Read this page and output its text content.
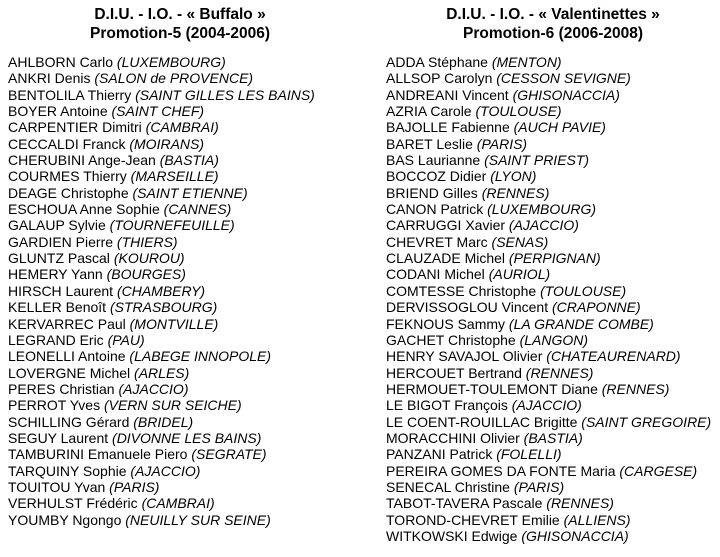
D.I.U. - I.O. - « Buffalo »
Promotion-5 (2004-2006)
AHLBORN Carlo (LUXEMBOURG)
ANKRI Denis (SALON de PROVENCE)
BENTOLILA Thierry (SAINT GILLES LES BAINS)
BOYER Antoine (SAINT CHEF)
CARPENTIER Dimitri (CAMBRAI)
CECCALDI Franck (MOIRANS)
CHERUBINI Ange-Jean (BASTIA)
COURMES Thierry (MARSEILLE)
DEAGE Christophe (SAINT ETIENNE)
ESCHOUA Anne Sophie (CANNES)
GALAUP Sylvie (TOURNEFEUILLE)
GARDIEN Pierre (THIERS)
GLUNTZ Pascal (KOUROU)
HEMERY Yann (BOURGES)
HIRSCH Laurent (CHAMBERY)
KELLER Benoît (STRASBOURG)
KERVARREC Paul (MONTVILLE)
LEGRAND Eric (PAU)
LEONELLI Antoine (LABEGE INNOPOLE)
LOVERGNE Michel (ARLES)
PERES Christian (AJACCIO)
PERROT Yves (VERN SUR SEICHE)
SCHILLING Gérard (BRIDEL)
SEGUY Laurent (DIVONNE LES BAINS)
TAMBURINI Emanuele Piero (SEGRATE)
TARQUINY Sophie (AJACCIO)
TOUITOU Yvan (PARIS)
VERHULST Frédéric (CAMBRAI)
YOUMBY Ngongo (NEUILLY SUR SEINE)
D.I.U. - I.O. - « Valentinettes »
Promotion-6 (2006-2008)
ADDA Stéphane (MENTON)
ALLSOP Carolyn (CESSON SEVIGNE)
ANDREANI Vincent (GHISONACCIA)
AZRIA Carole (TOULOUSE)
BAJOLLE Fabienne (AUCH PAVIE)
BARET Leslie (PARIS)
BAS Laurianne (SAINT PRIEST)
BOCCOZ Didier (LYON)
BRIEND Gilles (RENNES)
CANON Patrick (LUXEMBOURG)
CARRUGGI Xavier (AJACCIO)
CHEVRET Marc (SENAS)
CLAUZADE Michel (PERPIGNAN)
CODANI Michel (AURIOL)
COMTESSE Christophe (TOULOUSE)
DERVISSOGLOU Vincent (CRAPONNE)
FEKNOUS Sammy (LA GRANDE COMBE)
GACHET Christophe (LANGON)
HENRY SAVAJOL Olivier (CHATEAURENARD)
HERCOUET Bertrand (RENNES)
HERMOUET-TOULEMONT Diane (RENNES)
LE BIGOT François (AJACCIO)
LE COENT-ROUILLAC Brigitte (SAINT GREGOIRE)
MORACCHINI Olivier (BASTIA)
PANZANI Patrick (FOLELLI)
PEREIRA GOMES DA FONTE Maria (CARGESE)
SENECAL Christine (PARIS)
TABOT-TAVERA Pascale (RENNES)
TOROND-CHEVRET Emilie (ALLIENS)
WITKOWSKI Edwige (GHISONACCIA)
